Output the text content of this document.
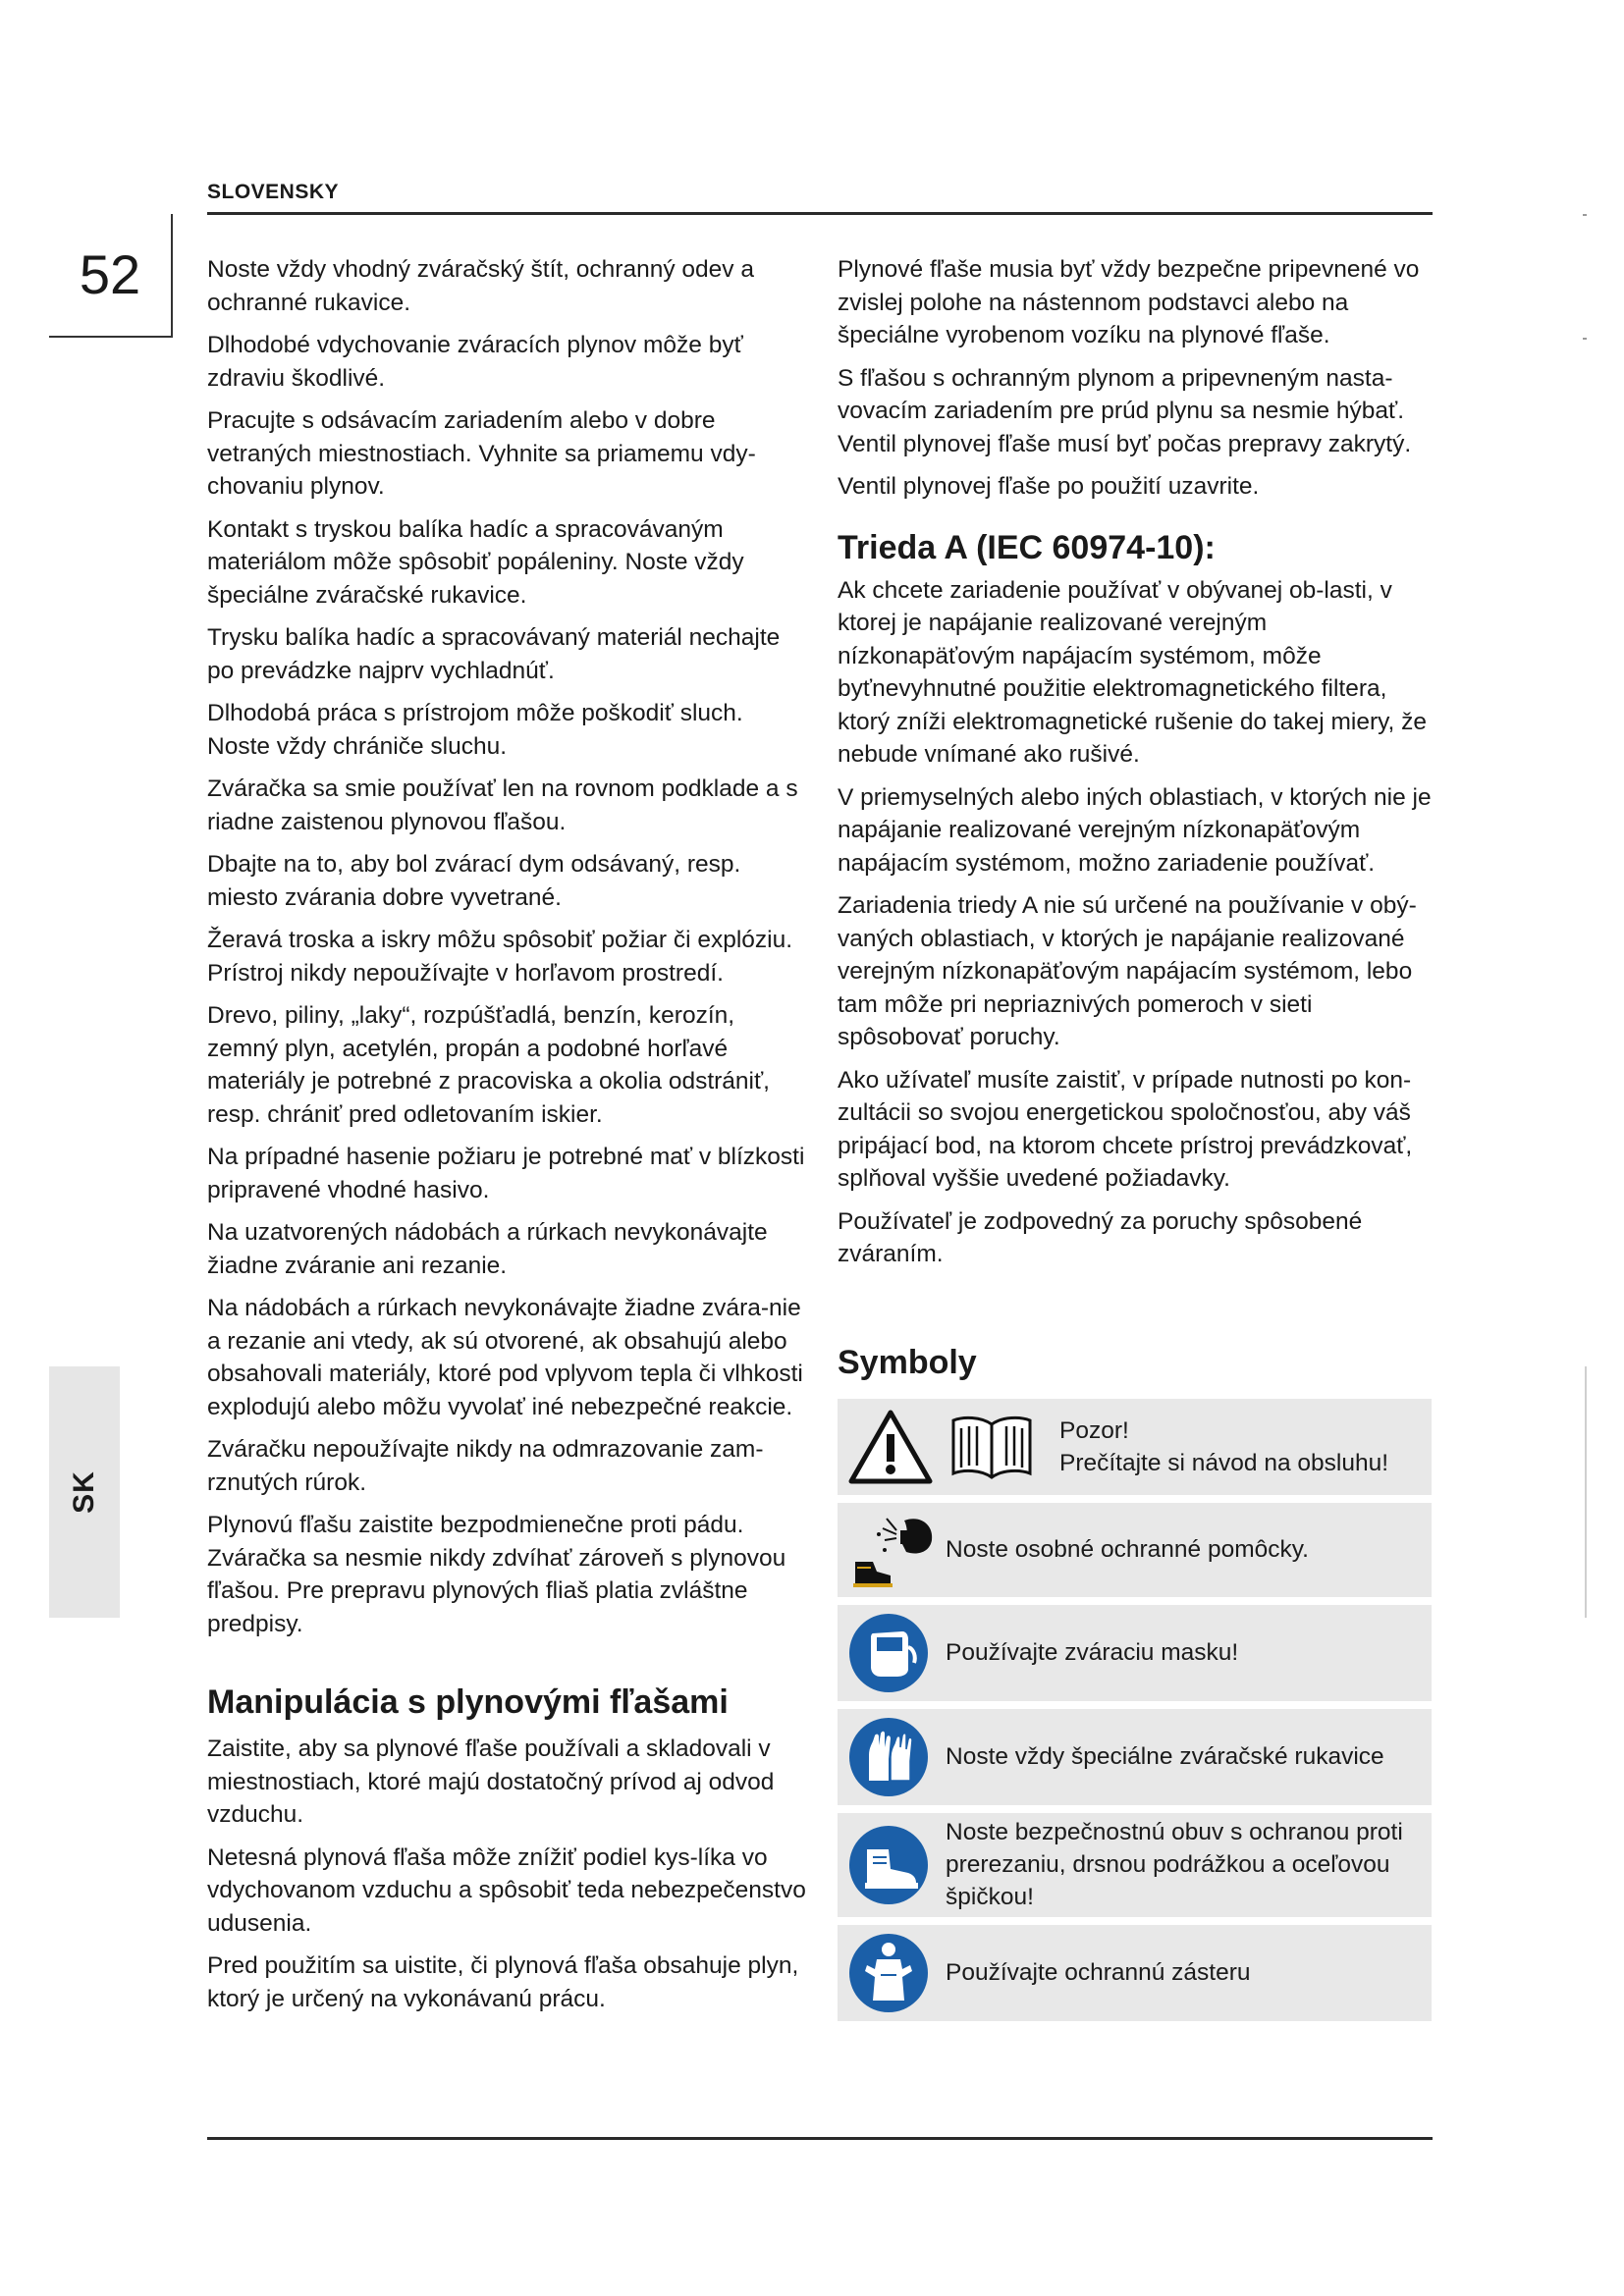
SLOVENSKY
52
SK

Noste vždy vhodný zváračský štít, ochranný odev a ochranné rukavice.

Dlhodobé vdychovanie zváracích plynov môže byť zdraviu škodlivé.

Pracujte s odsávacím zariadením alebo v dobre vetraných miestnostiach. Vyhnite sa priamemu vdy-chovaniu plynov.

Kontakt s tryskou balíka hadíc a spracovávaným materiálom môže spôsobiť popáleniny. Noste vždy špeciálne zváračské rukavice.

Trysku balíka hadíc a spracovávaný materiál nechajte po prevádzke najprv vychladnúť.

Dlhodobá práca s prístrojom môže poškodiť sluch. Noste vždy chrániče sluchu.

Zváračka sa smie používať len na rovnom podklade a s riadne zaistenou plynovou fľašou.

Dbajte na to, aby bol zvárací dym odsávaný, resp. miesto zvárania dobre vyvetrané.

Žeravá troska a iskry môžu spôsobiť požiar či explóziu. Prístroj nikdy nepoužívajte v horľavom prostredí.

Drevo, piliny, „laky“, rozpúšťadlá, benzín, kerozín, zemný plyn, acetylén, propán a podobné horľavé materiály je potrebné z pracoviska a okolia odstrániť, resp. chrániť pred odletovaním iskier.

Na prípadné hasenie požiaru je potrebné mať v blízkosti pripravené vhodné hasivo.

Na uzatvorených nádobách a rúrkach nevykonávajte žiadne zváranie ani rezanie.

Na nádobách a rúrkach nevykonávajte žiadne zvára-nie a rezanie ani vtedy, ak sú otvorené, ak obsahujú alebo obsahovali materiály, ktoré pod vplyvom tepla či vlhkosti explodujú alebo môžu vyvolať iné nebezpečné reakcie.

Zváračku nepoužívajte nikdy na odmrazovanie zam-rznutých rúrok.

Plynovú fľašu zaistite bezpodmienečne proti pádu. Zváračka sa nesmie nikdy zdvíhať zároveň s plynovou fľašou. Pre prepravu plynových fliaš platia zvláštne predpisy.

Manipulácia s plynovými fľašami

Zaistite, aby sa plynové fľaše používali a skladovali v miestnostiach, ktoré majú dostatočný prívod aj odvod vzduchu.

Netesná plynová fľaša môže znížiť podiel kys-líka vo vdychovanom vzduchu a spôsobiť teda nebezpečenstvo udusenia.

Pred použitím sa uistite, či plynová fľaša obsahuje plyn, ktorý je určený na vykonávanú prácu.

Plynové fľaše musia byť vždy bezpečne pripevnené vo zvislej polohe na nástennom podstavci alebo na špeciálne vyrobenom vozíku na plynové fľaše.

S fľašou s ochranným plynom a pripevneným nasta-vovacím zariadením pre prúd plynu sa nesmie hýbať. Ventil plynovej fľaše musí byť počas prepravy zakrytý.

Ventil plynovej fľaše po použití uzavrite.

Trieda A (IEC 60974-10):

Ak chcete zariadenie používať v obývanej ob-lasti, v ktorej je napájanie realizované verejným nízkonapäťovým napájacím systémom, môže byťnevyhnutné použitie elektromagnetického filtera, ktorý zníži elektromagnetické rušenie do takej miery, že nebude vnímané ako rušivé.

V priemyselných alebo iných oblastiach, v ktorých nie je napájanie realizované verejným nízkonapäťovým napájacím systémom, možno zariadenie používať.

Zariadenia triedy A nie sú určené na používanie v obý-vaných oblastiach, v ktorých je napájanie realizované verejným nízkonapäťovým napájacím systémom, lebo tam môže pri nepriaznivých pomeroch v sieti spôsobovať poruchy.

Ako užívateľ musíte zaistiť, v prípade nutnosti po kon-zultácii so svojou energetickou spoločnosťou, aby váš pripájací bod, na ktorom chcete prístroj prevádzkovať, splňoval vyššie uvedené požiadavky.

Používateľ je zodpovedný za poruchy spôsobené zváraním.

Symboly
Pozor!
Prečítajte si návod na obsluhu!
Noste osobné ochranné pomôcky.
Používajte zváraciu masku!
Noste vždy špeciálne zváračské rukavice
Noste bezpečnostnú obuv s ochranou proti prerezaniu, drsnou podrážkou a oceľovou špičkou!
Používajte ochrannú zásteru
